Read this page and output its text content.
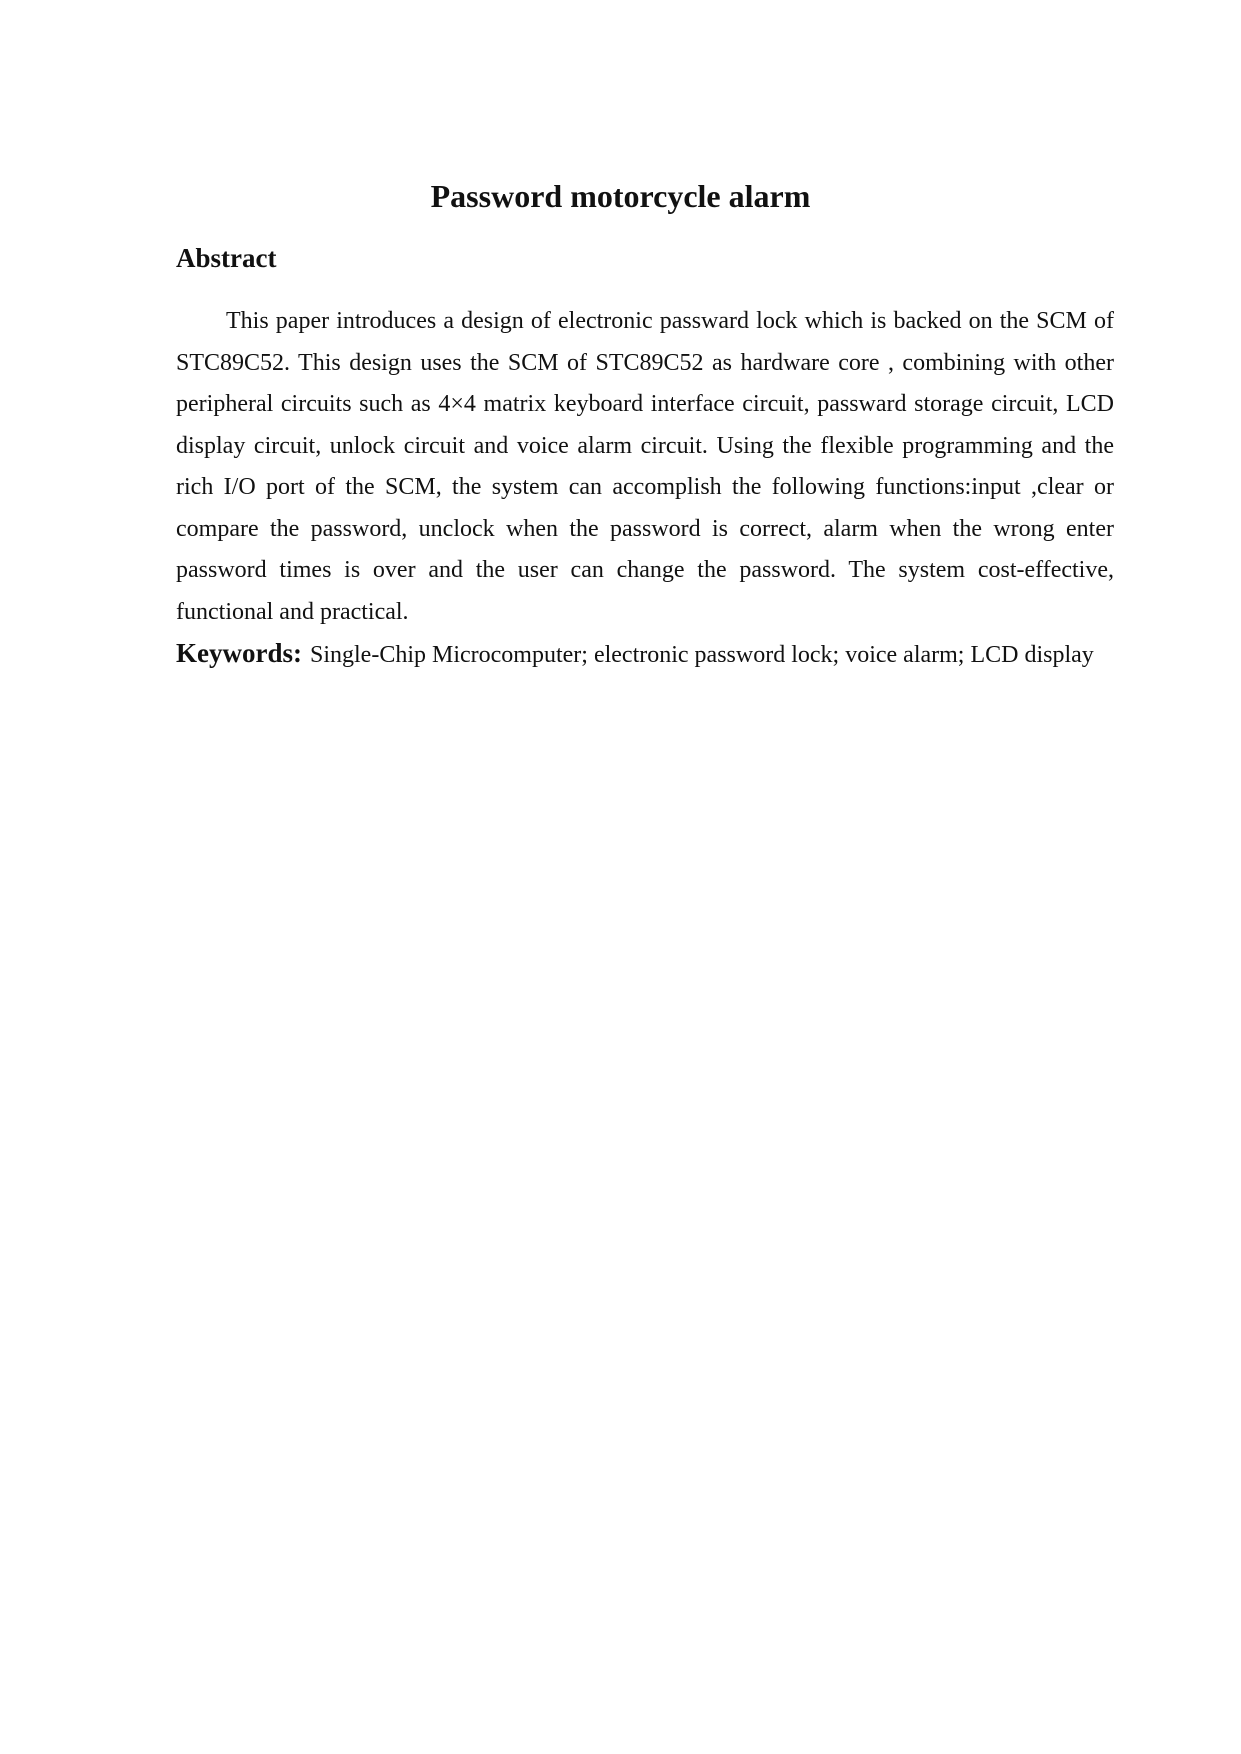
Password motorcycle alarm
Abstract

This paper introduces a design of electronic passward lock which is backed on the SCM of    STC89C52. This design uses the SCM of STC89C52 as hardware core , combining with other peripheral circuits such as 4×4 matrix keyboard interface circuit, passward storage circuit, LCD display circuit, unlock circuit and voice alarm circuit. Using the flexible programming and the rich I/O port of the SCM, the system can accomplish the following functions:input ,clear or compare the password, unclock when the password is correct, alarm when the wrong enter password times is over and the user can change the password. The system cost-effective, functional and practical.

Keywords: Single-Chip Microcomputer; electronic password lock; voice alarm; LCD display
